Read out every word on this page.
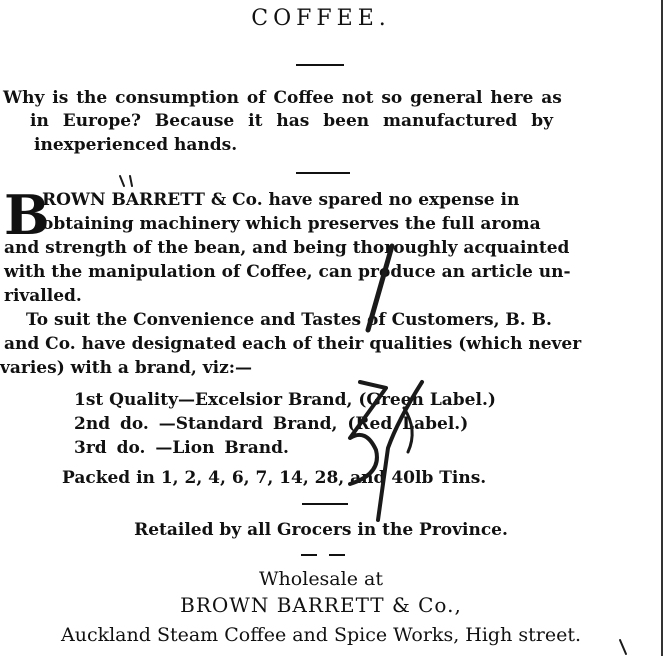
COFFEE.
Why is the consumption of Coffee not so general here as
in Europe? Because it has been manufactured by
inexperienced hands.
B
ROWN BARRETT & Co. have spared no expense in
obtaining machinery which preserves the full aroma
and strength of the bean, and being thoroughly acquainted
with the manipulation of Coffee, can produce an article un-
rivalled.
To suit the Convenience and Tastes of Customers, B. B.
and Co. have designated each of their qualities (which never
varies) with a brand, viz:—
1st Quality—Excelsior Brand, (Green Label.)
2nd do. —Standard Brand, (Red Label.)
3rd do. —Lion Brand.
Packed in 1, 2, 4, 6, 7, 14, 28, and 40lb Tins.
Retailed by all Grocers in the Province.
Wholesale at
BROWN BARRETT & Co.,
Auckland Steam Coffee and Spice Works, High street.
